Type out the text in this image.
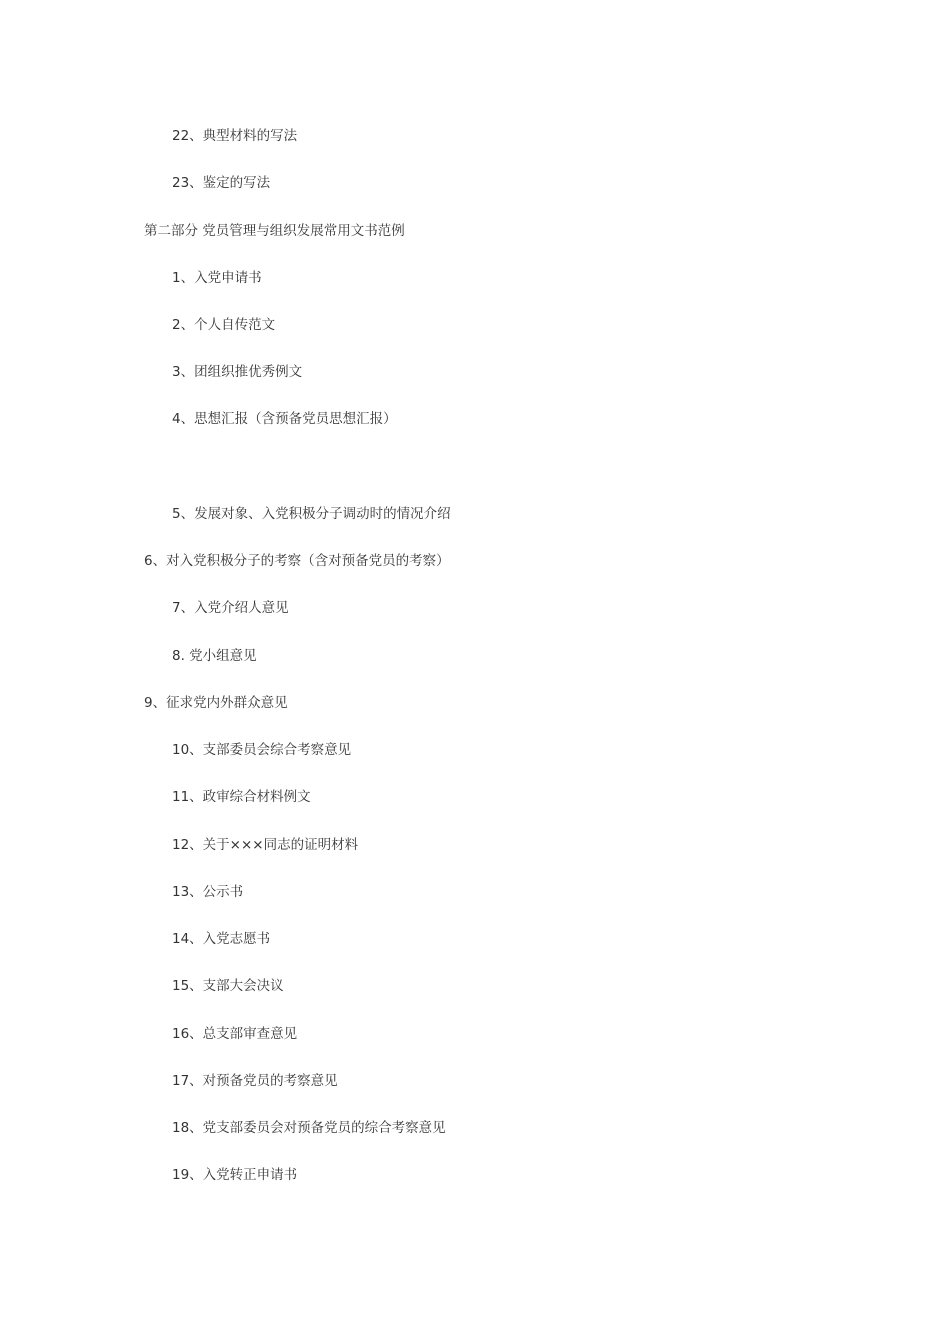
22、典型材料的写法
23、鉴定的写法
第二部分 党员管理与组织发展常用文书范例
1、入党申请书
2、个人自传范文
3、团组织推优秀例文
4、思想汇报（含预备党员思想汇报）
5、发展对象、入党积极分子调动时的情况介绍
6、对入党积极分子的考察（含对预备党员的考察）
7、入党介绍人意见
8. 党小组意见
9、征求党内外群众意见
10、支部委员会综合考察意见
11、政审综合材料例文
12、关于×××同志的证明材料
13、公示书
14、入党志愿书
15、支部大会决议
16、总支部审查意见
17、对预备党员的考察意见
18、党支部委员会对预备党员的综合考察意见
19、入党转正申请书
